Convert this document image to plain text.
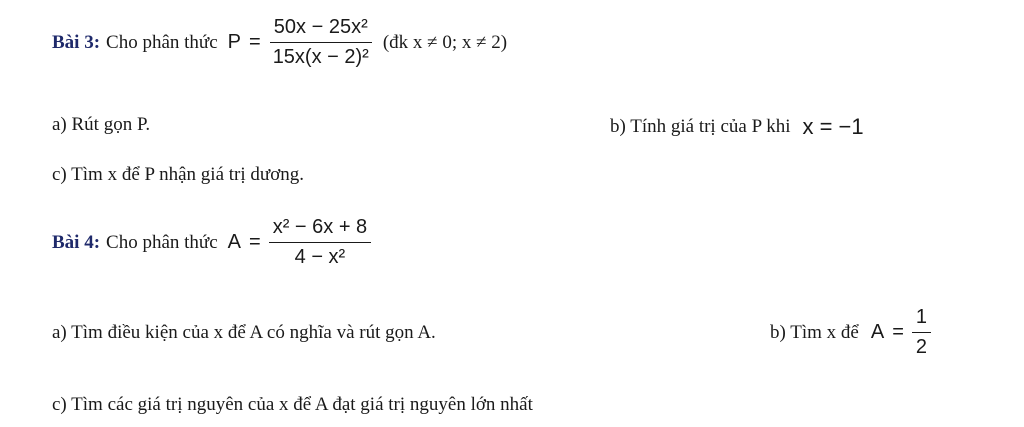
Bài 3: Cho phân thức $P = \frac{\text{50x − 25x²}}{\text{15x(x − 2)²}}$ (đk x ≠ 0; x ≠ 2)
a) Rút gọn P.	b) Tính giá trị của P khi x = −1
c) Tìm x để P nhận giá trị dương.
Bài 4: Cho phân thức $A = \frac{\text{x² − 6x + 8}}{\text{4 − x²}}$
a) Tìm điều kiện của x để A có nghĩa và rút gọn A.	b) Tìm x để $A = \frac{1}{2}$
c) Tìm các giá trị nguyên của x để A đạt giá trị nguyên lớn nhất
